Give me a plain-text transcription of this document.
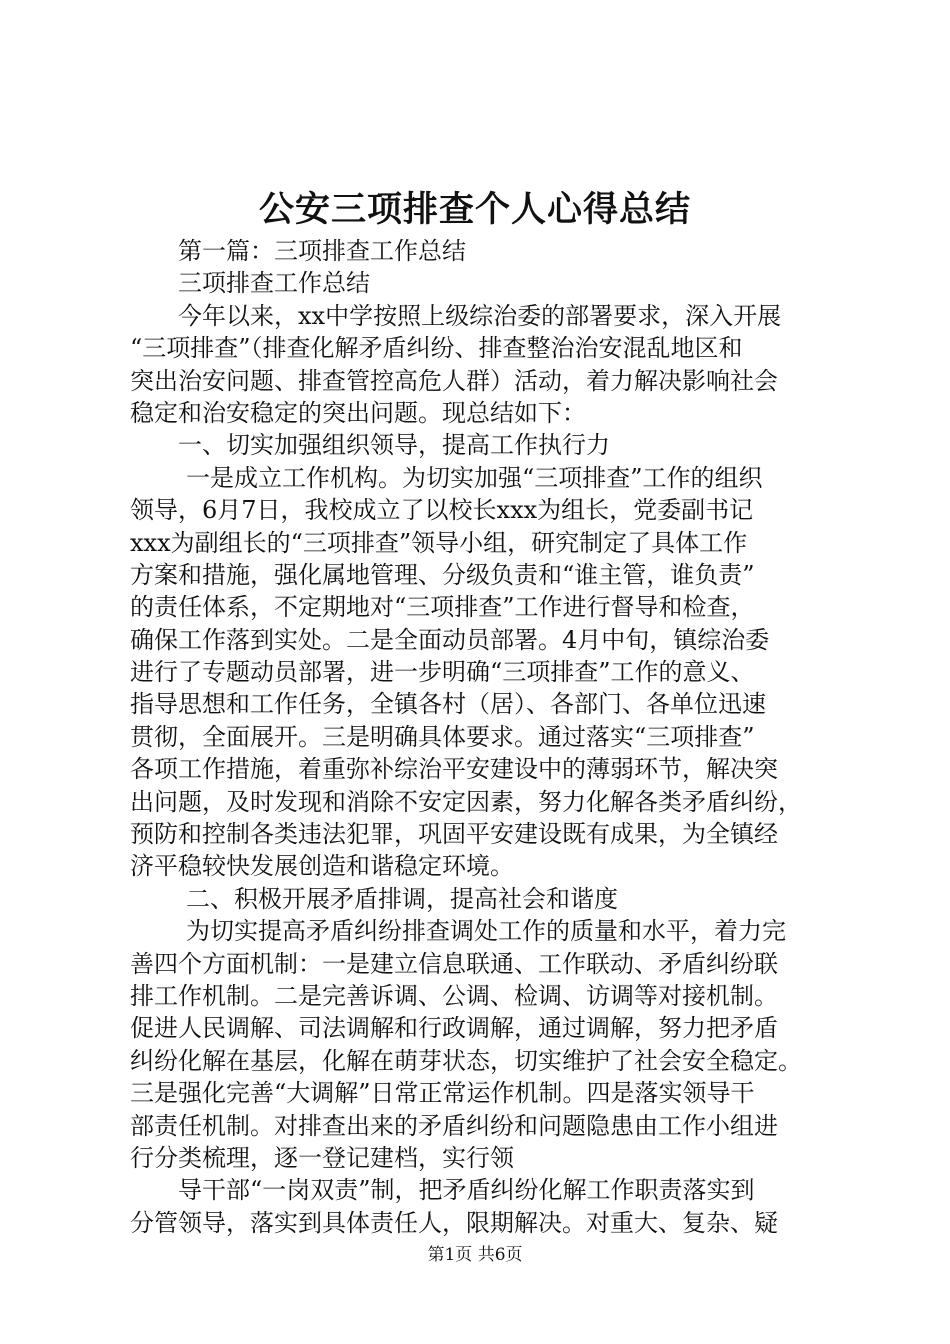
公安三项排查个人心得总结
第一篇：三项排查工作总结
三项排查工作总结
今年以来，xx中学按照上级综治委的部署要求，深入开展
“三项排查”（排查化解矛盾纠纷、排查整治治安混乱地区和
突出治安问题、排查管控高危人群）活动，着力解决影响社会
稳定和治安稳定的突出问题。现总结如下：
一、切实加强组织领导，提高工作执行力
一是成立工作机构。为切实加强“三项排查”工作的组织
领导，6月7日，我校成立了以校长xxx为组长，党委副书记
xxx为副组长的“三项排查”领导小组，研究制定了具体工作
方案和措施，强化属地管理、分级负责和“谁主管，谁负责”
的责任体系，不定期地对“三项排查”工作进行督导和检查，
确保工作落到实处。二是全面动员部署。4月中旬，镇综治委
进行了专题动员部署，进一步明确“三项排查”工作的意义、
指导思想和工作任务，全镇各村（居）、各部门、各单位迅速
贯彻，全面展开。三是明确具体要求。通过落实“三项排查”
各项工作措施，着重弥补综治平安建设中的薄弱环节，解决突
出问题，及时发现和消除不安定因素，努力化解各类矛盾纠纷，
预防和控制各类违法犯罪，巩固平安建设既有成果，为全镇经
济平稳较快发展创造和谐稳定环境。
二、积极开展矛盾排调，提高社会和谐度
为切实提高矛盾纠纷排查调处工作的质量和水平，着力完
善四个方面机制：一是建立信息联通、工作联动、矛盾纠纷联
排工作机制。二是完善诉调、公调、检调、访调等对接机制。
促进人民调解、司法调解和行政调解，通过调解，努力把矛盾
纠纷化解在基层，化解在萌芽状态，切实维护了社会安全稳定。
三是强化完善“大调解”日常正常运作机制。四是落实领导干
部责任机制。对排查出来的矛盾纠纷和问题隐患由工作小组进
行分类梳理，逐一登记建档，实行领
导干部“一岗双责”制，把矛盾纠纷化解工作职责落实到
分管领导，落实到具体责任人，限期解决。对重大、复杂、疑
第1页 共6页
